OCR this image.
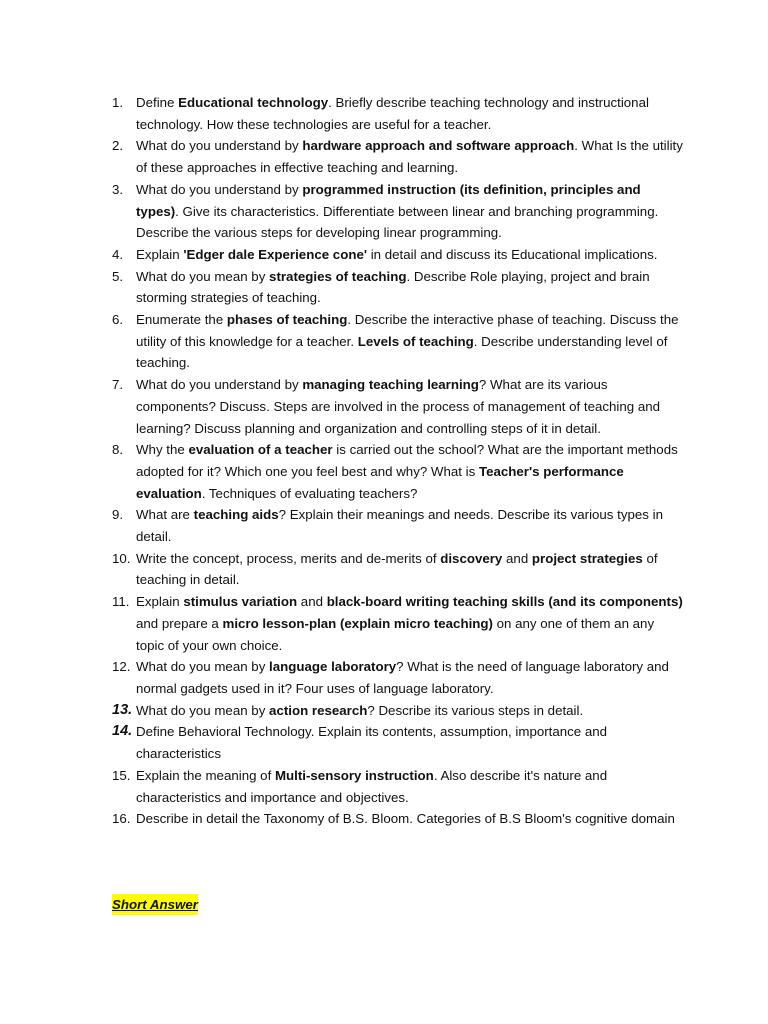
1. Define Educational technology. Briefly describe teaching technology and instructional technology. How these technologies are useful for a teacher.
2. What do you understand by hardware approach and software approach. What Is the utility of these approaches in effective teaching and learning.
3. What do you understand by programmed instruction (its definition, principles and types). Give its characteristics. Differentiate between linear and branching programming. Describe the various steps for developing linear programming.
4. Explain 'Edger dale Experience cone' in detail and discuss its Educational implications.
5. What do you mean by strategies of teaching. Describe Role playing, project and brain storming strategies of teaching.
6. Enumerate the phases of teaching. Describe the interactive phase of teaching. Discuss the utility of this knowledge for a teacher. Levels of teaching. Describe understanding level of teaching.
7. What do you understand by managing teaching learning? What are its various components? Discuss. Steps are involved in the process of management of teaching and learning? Discuss planning and organization and controlling steps of it in detail.
8. Why the evaluation of a teacher is carried out the school? What are the important methods adopted for it? Which one you feel best and why? What is Teacher's performance evaluation. Techniques of evaluating teachers?
9. What are teaching aids? Explain their meanings and needs. Describe its various types in detail.
10. Write the concept, process, merits and de-merits of discovery and project strategies of teaching in detail.
11. Explain stimulus variation and black-board writing teaching skills (and its components) and prepare a micro lesson-plan (explain micro teaching) on any one of them an any topic of your own choice.
12. What do you mean by language laboratory? What is the need of language laboratory and normal gadgets used in it? Four uses of language laboratory.
13. What do you mean by action research? Describe its various steps in detail.
14. Define Behavioral Technology. Explain its contents, assumption, importance and characteristics
15. Explain the meaning of Multi-sensory instruction. Also describe it's nature and characteristics and importance and objectives.
16. Describe in detail the Taxonomy of B.S. Bloom. Categories of B.S Bloom's cognitive domain
Short Answer
